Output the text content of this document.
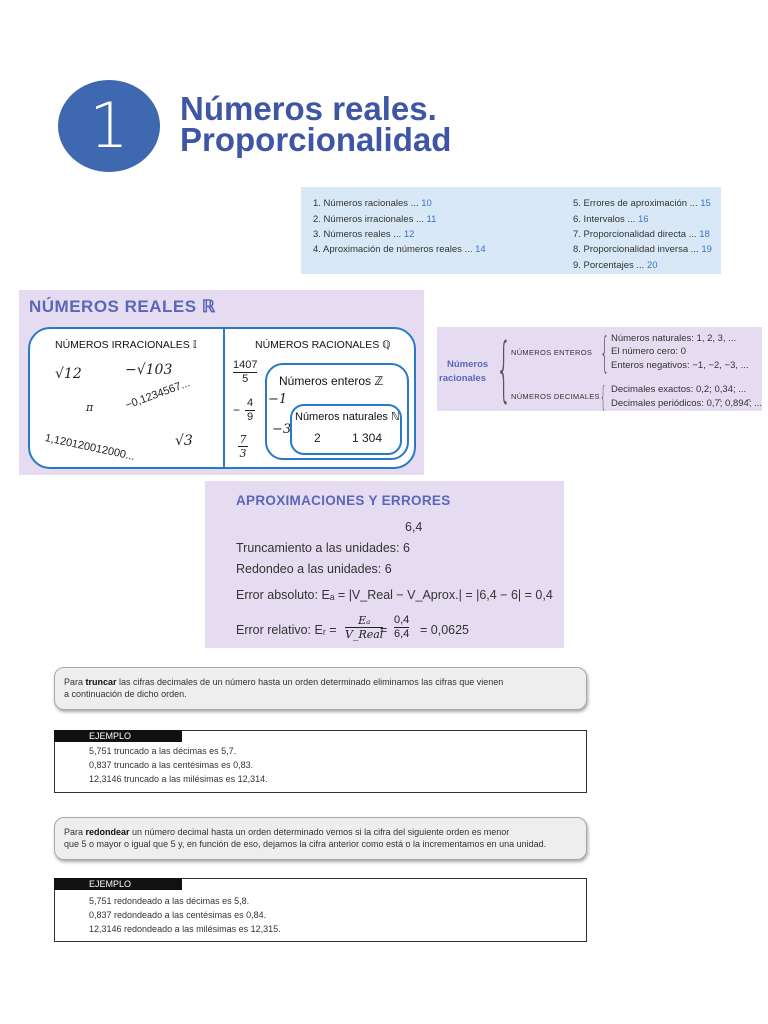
1	Números reales.
Proporcionalidad
1. Números racionales ... 10
2. Números irracionales ... 11
3. Números reales ... 12
4. Aproximación de números reales ... 14
5. Errores de aproximación ... 15
6. Intervalos ... 16
7. Proporcionalidad directa ... 18
8. Proporcionalidad inversa ... 19
9. Porcentajes ... 20
NÚMEROS REALES ℝ
NÚMEROS IRRACIONALES 𝕀	NÚMEROS RACIONALES ℚ
√12	−√103
π	−0,1234567...
1,120120012000...	√3
$\frac{1407}{5}$
− $\frac{4}{9}$
$\frac{7}{3}$
Números enteros ℤ
−1
−3
Números naturales ℕ
2	1 304
Números
racionales { NÚMEROS ENTEROS
NÚMEROS DECIMALES
{
{
Números naturales: 1, 2, 3, ...
El número cero: 0
Enteros negativos: −1, −2, −3, ...
Decimales exactos: 0,2; 0,34; ...
Decimales periódicos: 0,7̂; 0,894̂; ...
APROXIMACIONES Y ERRORES
6,4
Truncamiento a las unidades: 6
Redondeo a las unidades: 6
Error absoluto: Eₐ = |V_Real − V_Aprox.| = |6,4 − 6| = 0,4
Error relativo: Eᵣ =
Eₐ
V_Real
= $\frac{0,4}{6,4} = 0,0625$
Para truncar las cifras decimales de un número hasta un orden determinado eliminamos las cifras que vienen
a continuación de dicho orden.
EJEMPLO
5,751 truncado a las décimas es 5,7.
0,837 truncado a las centésimas es 0,83.
12,3146 truncado a las milésimas es 12,314.
Para redondear un número decimal hasta un orden determinado vemos si la cifra del siguiente orden es menor
que 5 o mayor o igual que 5 y, en función de eso, dejamos la cifra anterior como está o la incrementamos en una unidad.
EJEMPLO
5,751 redondeado a las décimas es 5,8.
0,837 redondeado a las centésimas es 0,84.
12,3146 redondeado a las milésimas es 12,315.
